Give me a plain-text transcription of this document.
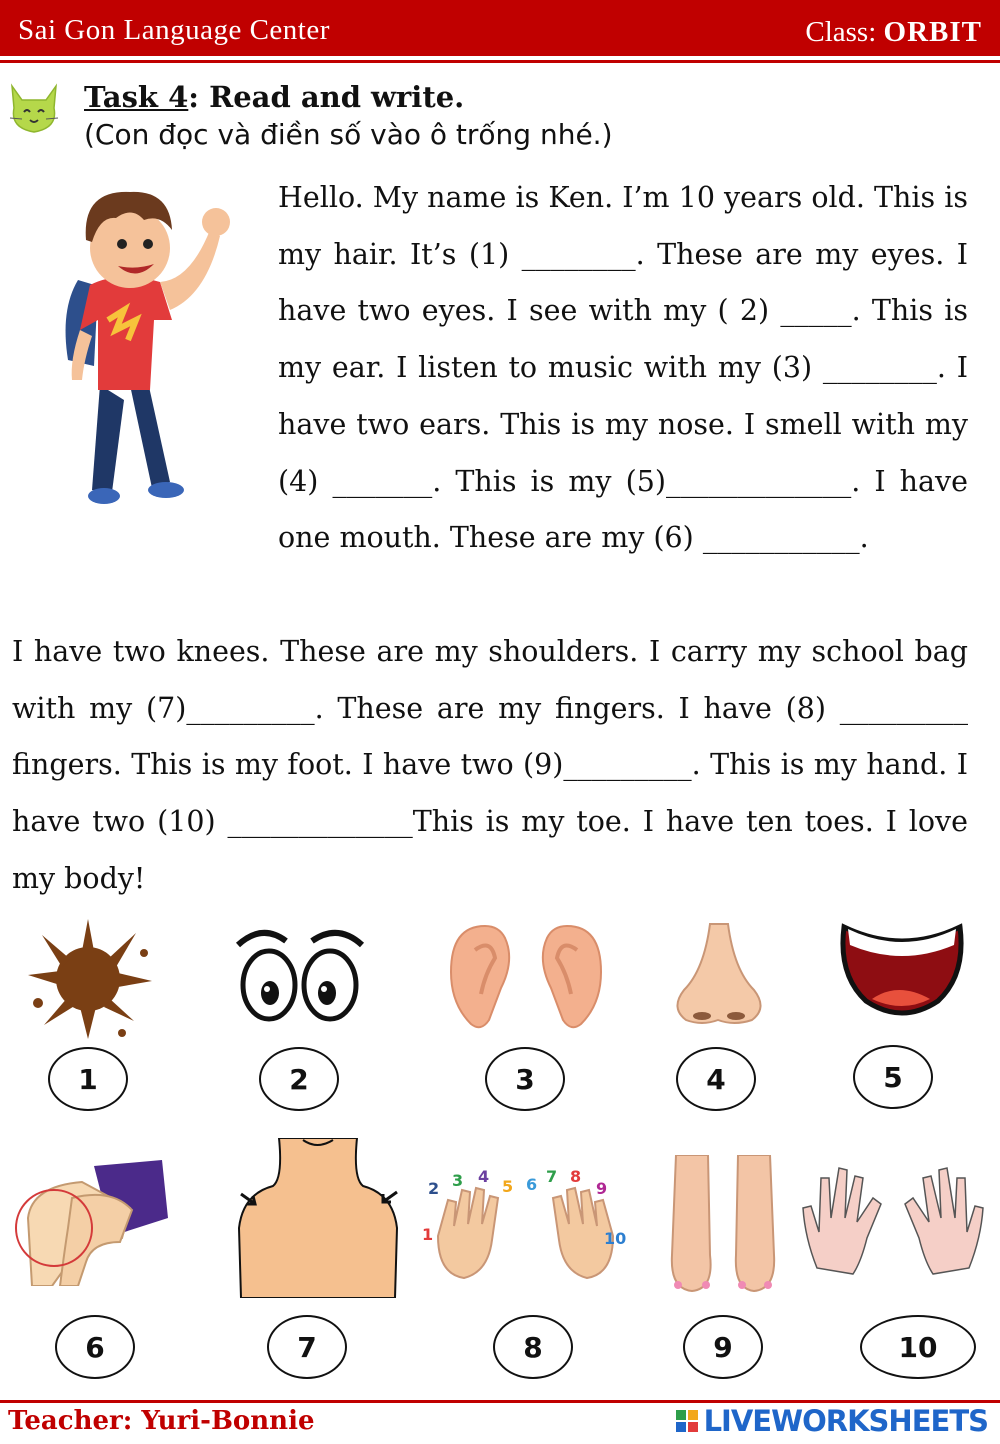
Sai Gon Language Center	Class: ORBIT
Task 4: Read and write.
(Con đọc và điền số vào ô trống nhé.)

Hello. My name is Ken. I’m 10 years old. This is my hair. It’s (1) ________. These are my eyes. I have two eyes. I see with my ( 2) _____. This is my ear. I listen to music with my (3) ________. I have two ears. This is my nose. I smell with my (4) _______. This is my (5)_____________. I have one mouth. These are my (6) ___________.

I have two knees. These are my shoulders. I carry my school bag with my (7)_________. These are my fingers. I have (8) _________ fingers. This is my foot. I have two (9)_________. This is my hand. I have two (10) _____________This is my toe. I have ten toes. I love my body!

1	2	3	4	5
1
2 3 4
5 6 7 8
9
10
6	7	8	9	10
Teacher: Yuri-Bonnie	LIVEWORKSHEETS
